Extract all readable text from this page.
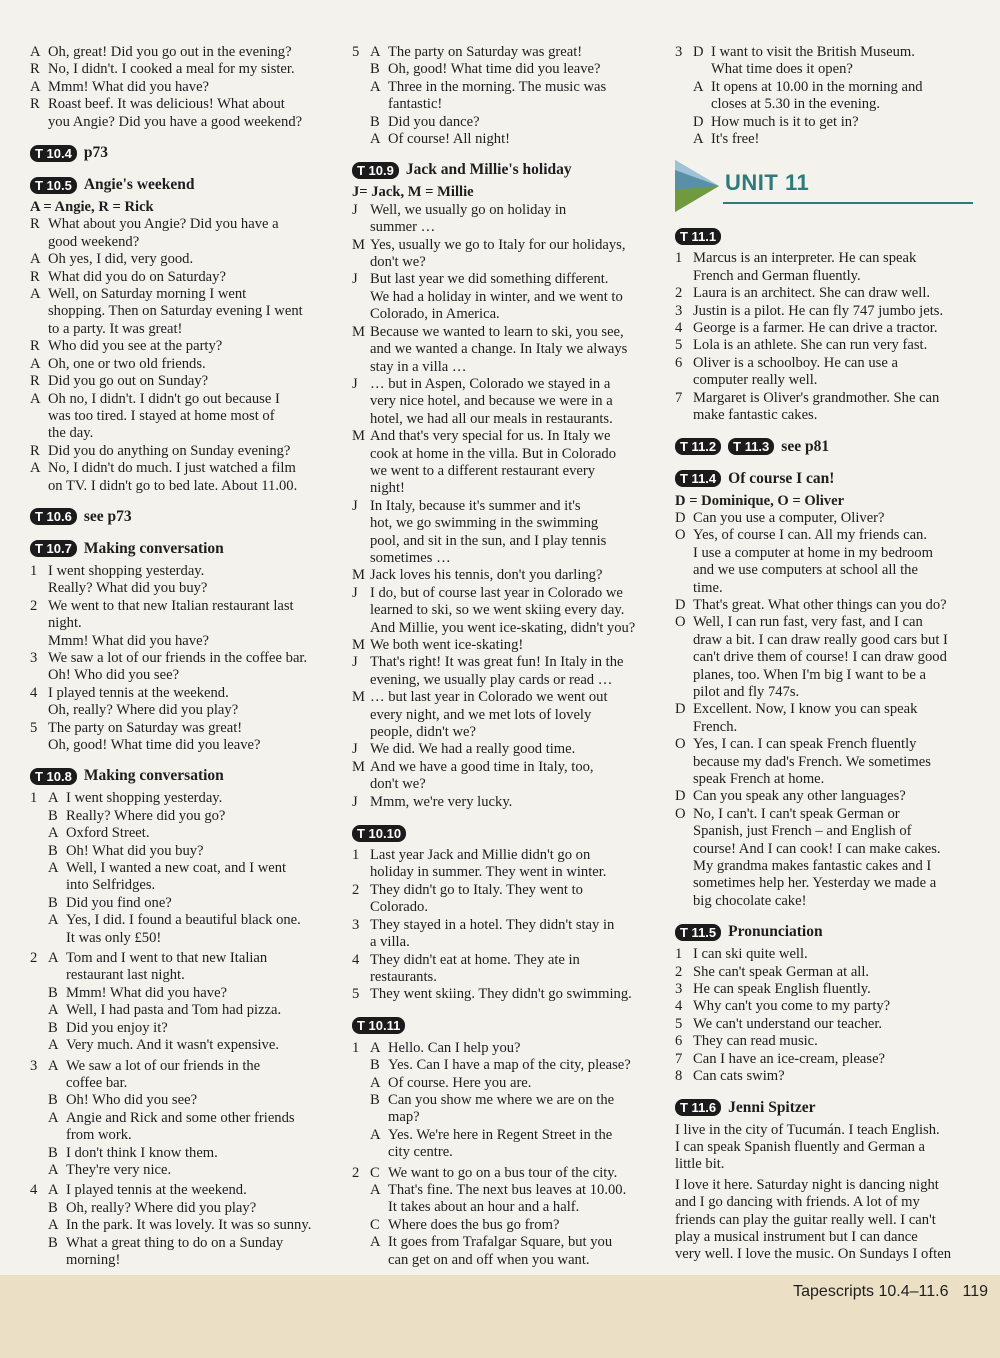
A Oh, great! Did you go out in the evening?
R No, I didn't. I cooked a meal for my sister.
A Mmm! What did you have?
R Roast beef. It was delicious! What about
you Angie? Did you have a good weekend?
T 10.4 p73
T 10.5 Angie's weekend
A = Angie, R = Rick
R What about you Angie? Did you have a
good weekend?
A Oh yes, I did, very good.
R What did you do on Saturday?
A Well, on Saturday morning I went
shopping. Then on Saturday evening I went
to a party. It was great!
R Who did you see at the party?
A Oh, one or two old friends.
R Did you go out on Sunday?
A Oh no, I didn't. I didn't go out because I
was too tired. I stayed at home most of
the day.
R Did you do anything on Sunday evening?
A No, I didn't do much. I just watched a film
on TV. I didn't go to bed late. About 11.00.
T 10.6 see p73
T 10.7 Making conversation
1 I went shopping yesterday.
Really? What did you buy?
2 We went to that new Italian restaurant last
night.
Mmm! What did you have?
3 We saw a lot of our friends in the coffee bar.
Oh! Who did you see?
4 I played tennis at the weekend.
Oh, really? Where did you play?
5 The party on Saturday was great!
Oh, good! What time did you leave?
T 10.8 Making conversation
1 A I went shopping yesterday.
B Really? Where did you go?
A Oxford Street.
B Oh! What did you buy?
A Well, I wanted a new coat, and I went
into Selfridges.
B Did you find one?
A Yes, I did. I found a beautiful black one.
It was only £50!
2 A Tom and I went to that new Italian
restaurant last night.
B Mmm! What did you have?
A Well, I had pasta and Tom had pizza.
B Did you enjoy it?
A Very much. And it wasn't expensive.
3 A We saw a lot of our friends in the
coffee bar.
B Oh! Who did you see?
A Angie and Rick and some other friends
from work.
B I don't think I know them.
A They're very nice.
4 A I played tennis at the weekend.
B Oh, really? Where did you play?
A In the park. It was lovely. It was so sunny.
B What a great thing to do on a Sunday
morning!
5 A The party on Saturday was great!
B Oh, good! What time did you leave?
A Three in the morning. The music was
fantastic!
B Did you dance?
A Of course! All night!
T 10.9 Jack and Millie's holiday
J= Jack, M = Millie
J Well, we usually go on holiday in
summer …
M Yes, usually we go to Italy for our holidays,
don't we?
J But last year we did something different.
We had a holiday in winter, and we went to
Colorado, in America.
M Because we wanted to learn to ski, you see,
and we wanted a change. In Italy we always
stay in a villa …
J … but in Aspen, Colorado we stayed in a
very nice hotel, and because we were in a
hotel, we had all our meals in restaurants.
M And that's very special for us. In Italy we
cook at home in the villa. But in Colorado
we went to a different restaurant every
night!
J In Italy, because it's summer and it's
hot, we go swimming in the swimming
pool, and sit in the sun, and I play tennis
sometimes …
M Jack loves his tennis, don't you darling?
J I do, but of course last year in Colorado we
learned to ski, so we went skiing every day.
And Millie, you went ice-skating, didn't you?
M We both went ice-skating!
J That's right! It was great fun! In Italy in the
evening, we usually play cards or read …
M … but last year in Colorado we went out
every night, and we met lots of lovely
people, didn't we?
J We did. We had a really good time.
M And we have a good time in Italy, too,
don't we?
J Mmm, we're very lucky.
T 10.10
1 Last year Jack and Millie didn't go on
holiday in summer. They went in winter.
2 They didn't go to Italy. They went to
Colorado.
3 They stayed in a hotel. They didn't stay in
a villa.
4 They didn't eat at home. They ate in
restaurants.
5 They went skiing. They didn't go swimming.
T 10.11
1 A Hello. Can I help you?
B Yes. Can I have a map of the city, please?
A Of course. Here you are.
B Can you show me where we are on the
map?
A Yes. We're here in Regent Street in the
city centre.
2 C We want to go on a bus tour of the city.
A That's fine. The next bus leaves at 10.00.
It takes about an hour and a half.
C Where does the bus go from?
A It goes from Trafalgar Square, but you
can get on and off when you want.
3 D I want to visit the British Museum.
What time does it open?
A It opens at 10.00 in the morning and
closes at 5.30 in the evening.
D How much is it to get in?
A It's free!
UNIT 11
T 11.1
1 Marcus is an interpreter. He can speak
French and German fluently.
2 Laura is an architect. She can draw well.
3 Justin is a pilot. He can fly 747 jumbo jets.
4 George is a farmer. He can drive a tractor.
5 Lola is an athlete. She can run very fast.
6 Oliver is a schoolboy. He can use a
computer really well.
7 Margaret is Oliver's grandmother. She can
make fantastic cakes.
T 11.2	T 11.3 see p81
T 11.4 Of course I can!
D = Dominique, O = Oliver
D Can you use a computer, Oliver?
O Yes, of course I can. All my friends can.
I use a computer at home in my bedroom
and we use computers at school all the
time.
D That's great. What other things can you do?
O Well, I can run fast, very fast, and I can
draw a bit. I can draw really good cars but I
can't drive them of course! I can draw good
planes, too. When I'm big I want to be a
pilot and fly 747s.
D Excellent. Now, I know you can speak
French.
O Yes, I can. I can speak French fluently
because my dad's French. We sometimes
speak French at home.
D Can you speak any other languages?
O No, I can't. I can't speak German or
Spanish, just French – and English of
course! And I can cook! I can make cakes.
My grandma makes fantastic cakes and I
sometimes help her. Yesterday we made a
big chocolate cake!
T 11.5 Pronunciation
1 I can ski quite well.
2 She can't speak German at all.
3 He can speak English fluently.
4 Why can't you come to my party?
5 We can't understand our teacher.
6 They can read music.
7 Can I have an ice-cream, please?
8 Can cats swim?
T 11.6 Jenni Spitzer
I live in the city of Tucumán. I teach English.
I can speak Spanish fluently and German a
little bit.
I love it here. Saturday night is dancing night
and I go dancing with friends. A lot of my
friends can play the guitar really well. I can't
play a musical instrument but I can dance
very well. I love the music. On Sundays I often
Tapescripts 10.4–11.6 119
